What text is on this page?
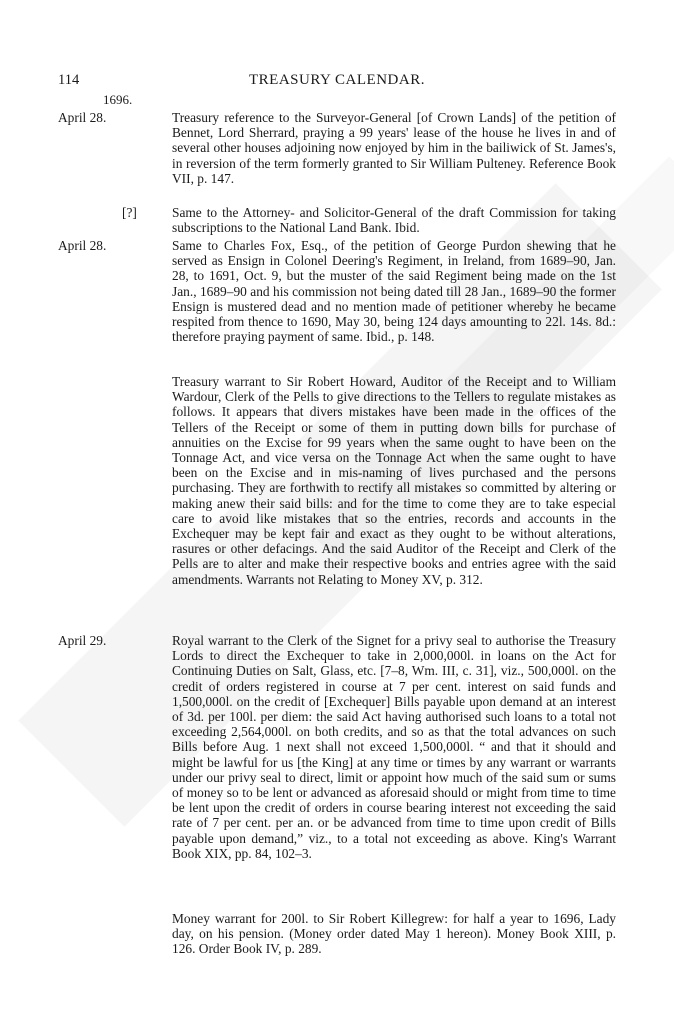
114	TREASURY CALENDAR.
1696.
April 28.	Treasury reference to the Surveyor-General [of Crown Lands] of the petition of Bennet, Lord Sherrard, praying a 99 years' lease of the house he lives in and of several other houses adjoining now enjoyed by him in the bailiwick of St. James's, in reversion of the term formerly granted to Sir William Pulteney. Reference Book VII, p. 147.
[?]	Same to the Attorney- and Solicitor-General of the draft Commission for taking subscriptions to the National Land Bank. Ibid.
April 28.	Same to Charles Fox, Esq., of the petition of George Purdon shewing that he served as Ensign in Colonel Deering's Regiment, in Ireland, from 1689–90, Jan. 28, to 1691, Oct. 9, but the muster of the said Regiment being made on the 1st Jan., 1689–90 and his commission not being dated till 28 Jan., 1689–90 the former Ensign is mustered dead and no mention made of petitioner whereby he became respited from thence to 1690, May 30, being 124 days amounting to 22l. 14s. 8d.: therefore praying payment of same. Ibid., p. 148.
Treasury warrant to Sir Robert Howard, Auditor of the Receipt and to William Wardour, Clerk of the Pells to give directions to the Tellers to regulate mistakes as follows. It appears that divers mistakes have been made in the offices of the Tellers of the Receipt or some of them in putting down bills for purchase of annuities on the Excise for 99 years when the same ought to have been on the Tonnage Act, and vice versa on the Tonnage Act when the same ought to have been on the Excise and in mis-naming of lives purchased and the persons purchasing. They are forthwith to rectify all mistakes so committed by altering or making anew their said bills: and for the time to come they are to take especial care to avoid like mistakes that so the entries, records and accounts in the Exchequer may be kept fair and exact as they ought to be without alterations, rasures or other defacings. And the said Auditor of the Receipt and Clerk of the Pells are to alter and make their respective books and entries agree with the said amendments. Warrants not Relating to Money XV, p. 312.
April 29.	Royal warrant to the Clerk of the Signet for a privy seal to authorise the Treasury Lords to direct the Exchequer to take in 2,000,000l. in loans on the Act for Continuing Duties on Salt, Glass, etc. [7–8, Wm. III, c. 31], viz., 500,000l. on the credit of orders registered in course at 7 per cent. interest on said funds and 1,500,000l. on the credit of [Exchequer] Bills payable upon demand at an interest of 3d. per 100l. per diem: the said Act having authorised such loans to a total not exceeding 2,564,000l. on both credits, and so as that the total advances on such Bills before Aug. 1 next shall not exceed 1,500,000l. “ and that it should and might be lawful for us [the King] at any time or times by any warrant or warrants under our privy seal to direct, limit or appoint how much of the said sum or sums of money so to be lent or advanced as aforesaid should or might from time to time be lent upon the credit of orders in course bearing interest not exceeding the said rate of 7 per cent. per an. or be advanced from time to time upon credit of Bills payable upon demand,” viz., to a total not exceeding as above. King's Warrant Book XIX, pp. 84, 102–3.
Money warrant for 200l. to Sir Robert Killegrew: for half a year to 1696, Lady day, on his pension. (Money order dated May 1 hereon). Money Book XIII, p. 126. Order Book IV, p. 289.
